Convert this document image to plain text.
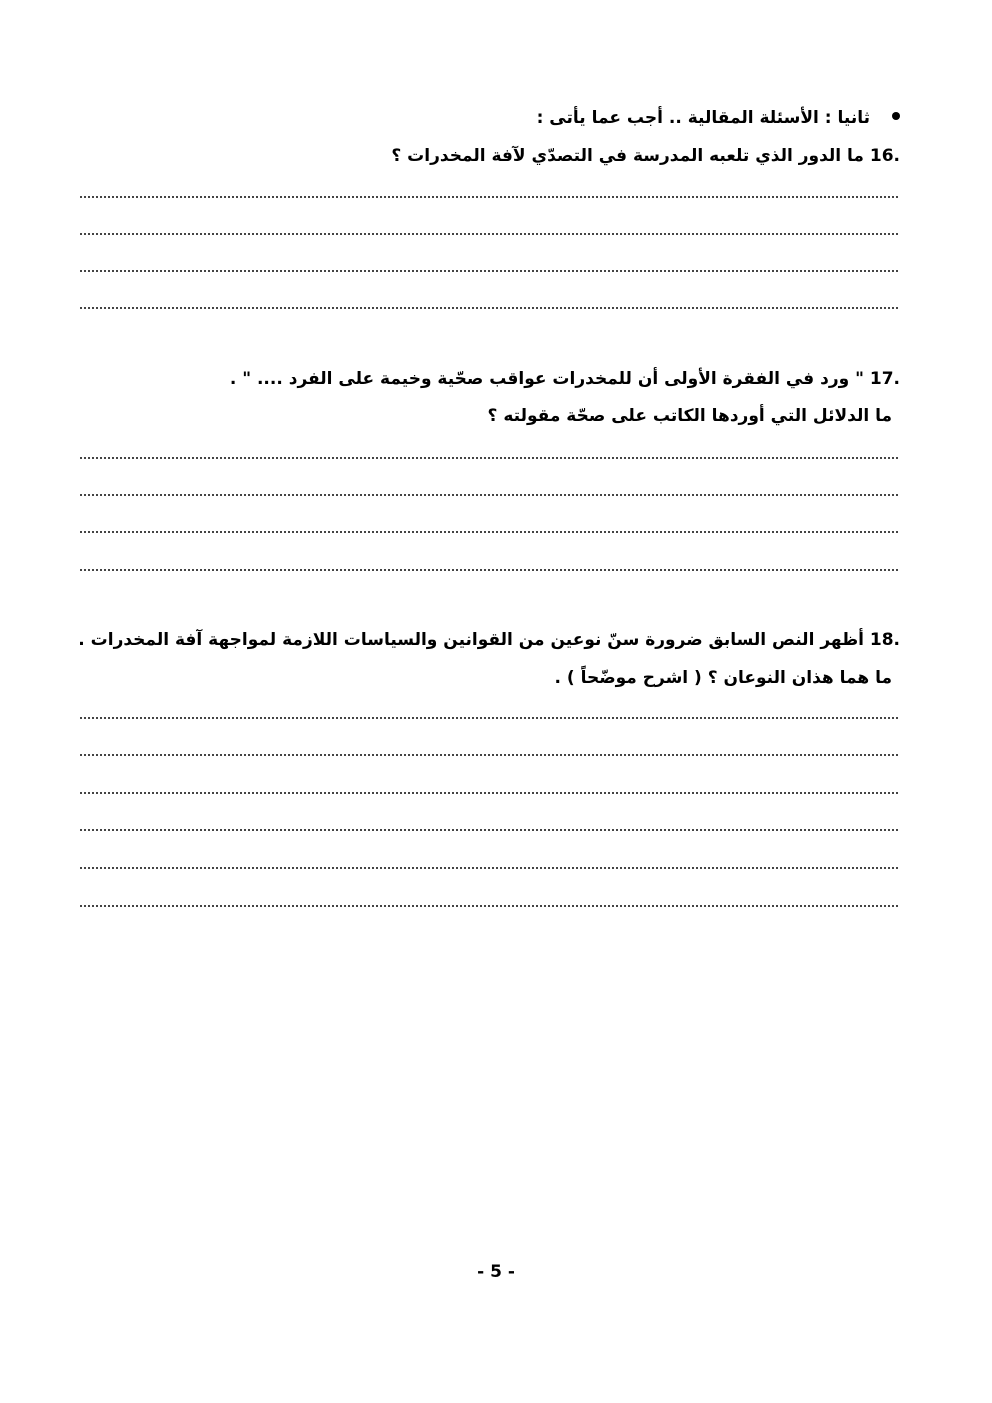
ثانيا : الأسئلة المقالية .. أجب عما يأتى :
16. ما الدور الذي تلعبه المدرسة في التصدّي لآفة المخدرات ؟
17. " ورد في الفقرة الأولى أن للمخدرات عواقب صحّية وخيمة على الفرد .... " .
ما الدلائل التي أوردها الكاتب على صحّة مقولته ؟
18. أظهر النص السابق ضرورة سنّ نوعين من القوانين والسياسات اللازمة لمواجهة آفة المخدرات .
ما هما هذان النوعان ؟ ( اشرح موضّحاً ) .
- 5 -
